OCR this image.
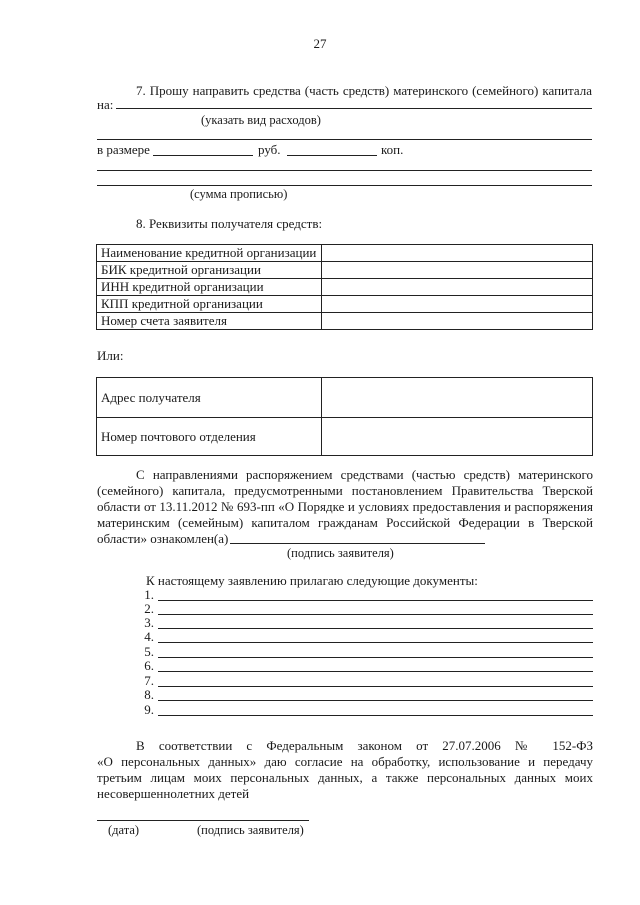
27
7. Прошу направить средства (часть средств) материнского (семейного) капитала
на:
(указать вид расходов)
в размере	руб.	коп.
(сумма прописью)
8. Реквизиты получателя средств:
Наименование кредитной организации	
БИК кредитной организации	
ИНН кредитной организации	
КПП кредитной организации	
Номер счета заявителя	
Или:
Адрес получателя	
Номер почтового отделения	
С направлениями распоряжением средствами (частью средств) материнского
(семейного) капитала, предусмотренными постановлением Правительства Тверской
области от 13.11.2012 № 693-пп «О Порядке и условиях предоставления и распоряжения
материнским (семейным) капиталом гражданам Российской Федерации в Тверской
области» ознакомлен(а)
(подпись заявителя)
К настоящему заявлению прилагаю следующие документы:
1.
2.
3.
4.
5.
6.
7.
8.
9.
В соответствии с Федеральным законом от 27.07.2006 № 152-ФЗ
«О персональных данных» даю согласие на обработку, использование и передачу
третьим лицам моих персональных данных, а также персональных данных моих
несовершеннолетних детей
(дата)	(подпись заявителя)
